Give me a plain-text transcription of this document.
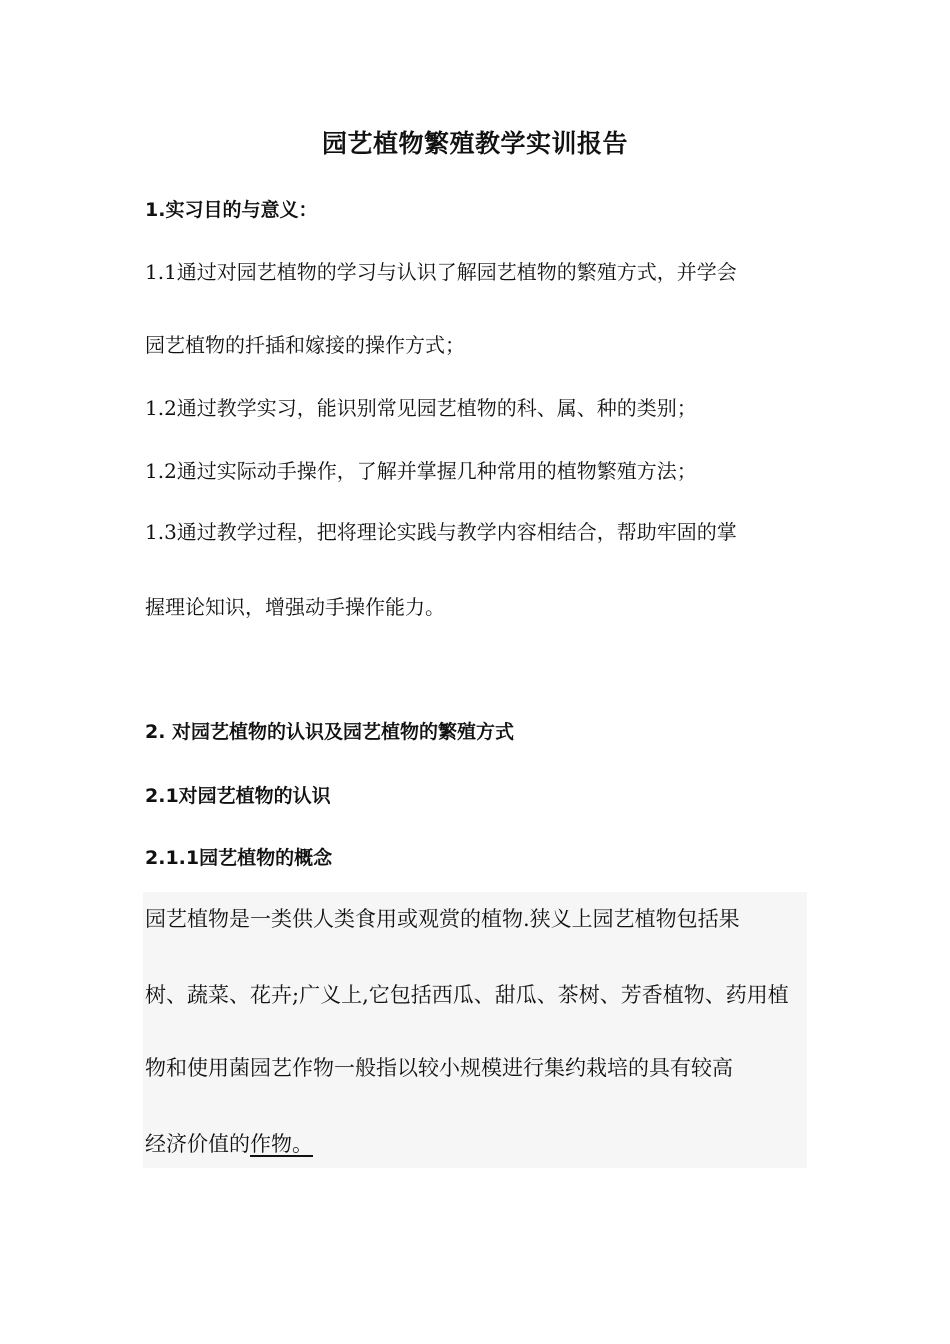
园艺植物繁殖教学实训报告
1.实习目的与意义：
1.1通过对园艺植物的学习与认识了解园艺植物的繁殖方式，并学会
园艺植物的扦插和嫁接的操作方式；
1.2通过教学实习，能识别常见园艺植物的科、属、种的类别；
1.2通过实际动手操作，了解并掌握几种常用的植物繁殖方法；
1.3通过教学过程，把将理论实践与教学内容相结合，帮助牢固的掌
握理论知识，增强动手操作能力。
2. 对园艺植物的认识及园艺植物的繁殖方式
2.1对园艺植物的认识
2.1.1园艺植物的概念
园艺植物是一类供人类食用或观赏的植物.狭义上园艺植物包括果
树、蔬菜、花卉;广义上,它包括西瓜、甜瓜、茶树、芳香植物、药用植
物和使用菌园艺作物一般指以较小规模进行集约栽培的具有较高
经济价值的作物。
